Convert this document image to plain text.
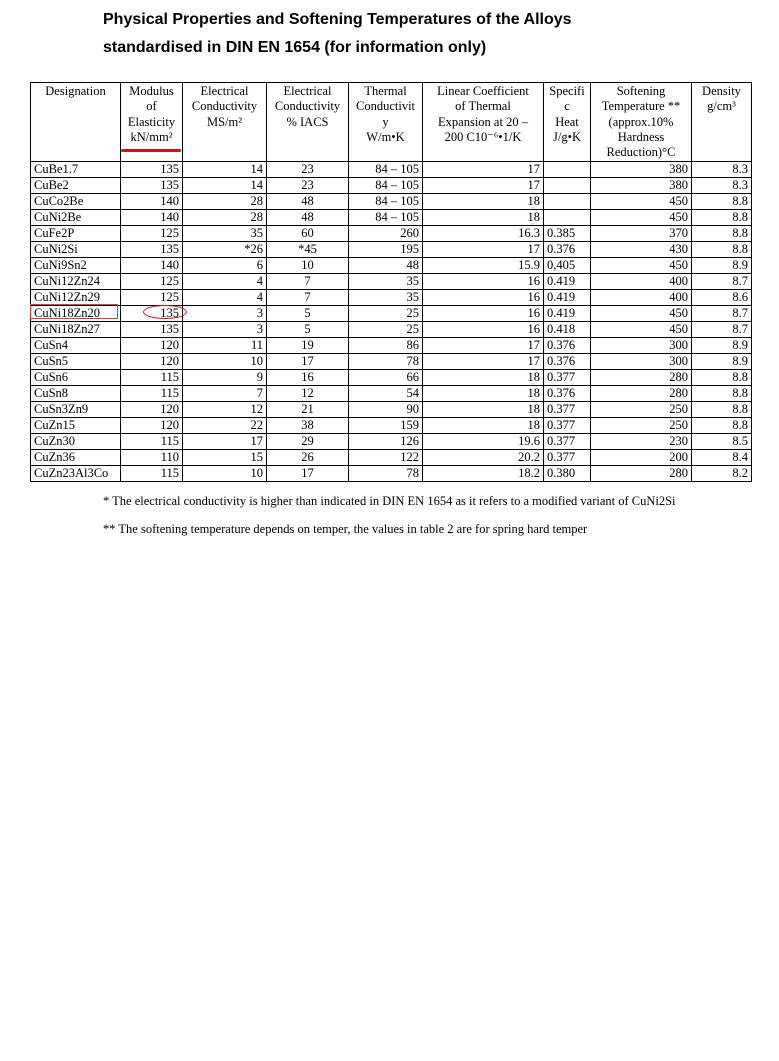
Physical Properties and Softening Temperatures of the Alloys
standardised in DIN EN 1654 (for information only)
Designation	Modulus
of
Elasticity
kN/mm²	Electrical
Conductivity
MS/m²	Electrical
Conductivity
% IACS	Thermal
Conductivit
y
W/m•K	Linear Coefficient
of Thermal
Expansion at 20 –
200 C10⁻⁶•1/K	Specifi
c
Heat
J/g•K	Softening
Temperature **
(approx.10%
Hardness
Reduction)°C	Density
g/cm³

CuBe1.7	135	14	23	84 – 105	17		380	8.3
CuBe2	135	14	23	84 – 105	17		380	8.3
CuCo2Be	140	28	48	84 – 105	18		450	8.8
CuNi2Be	140	28	48	84 – 105	18		450	8.8
CuFe2P	125	35	60	260	16.3	0.385	370	8.8
CuNi2Si	135	*26	*45	195	17	0.376	430	8.8
CuNi9Sn2	140	6	10	48	15.9	0,405	450	8.9
CuNi12Zn24	125	4	7	35	16	0.419	400	8.7
CuNi12Zn29	125	4	7	35	16	0.419	400	8.6
CuNi18Zn20	135	3	5	25	16	0.419	450	8.7
CuNi18Zn27	135	3	5	25	16	0.418	450	8.7
CuSn4	120	11	19	86	17	0.376	300	8.9
CuSn5	120	10	17	78	17	0.376	300	8.9
CuSn6	115	9	16	66	18	0.377	280	8.8
CuSn8	115	7	12	54	18	0.376	280	8.8
CuSn3Zn9	120	12	21	90	18	0.377	250	8.8
CuZn15	120	22	38	159	18	0.377	250	8.8
CuZn30	115	17	29	126	19.6	0.377	230	8.5
CuZn36	110	15	26	122	20.2	0.377	200	8.4
CuZn23Al3Co	115	10	17	78	18.2	0.380	280	8.2

* The electrical conductivity is higher than indicated in DIN EN 1654 as it refers to a modified variant of CuNi2Si

** The softening temperature depends on temper, the values in table 2 are for spring hard temper
